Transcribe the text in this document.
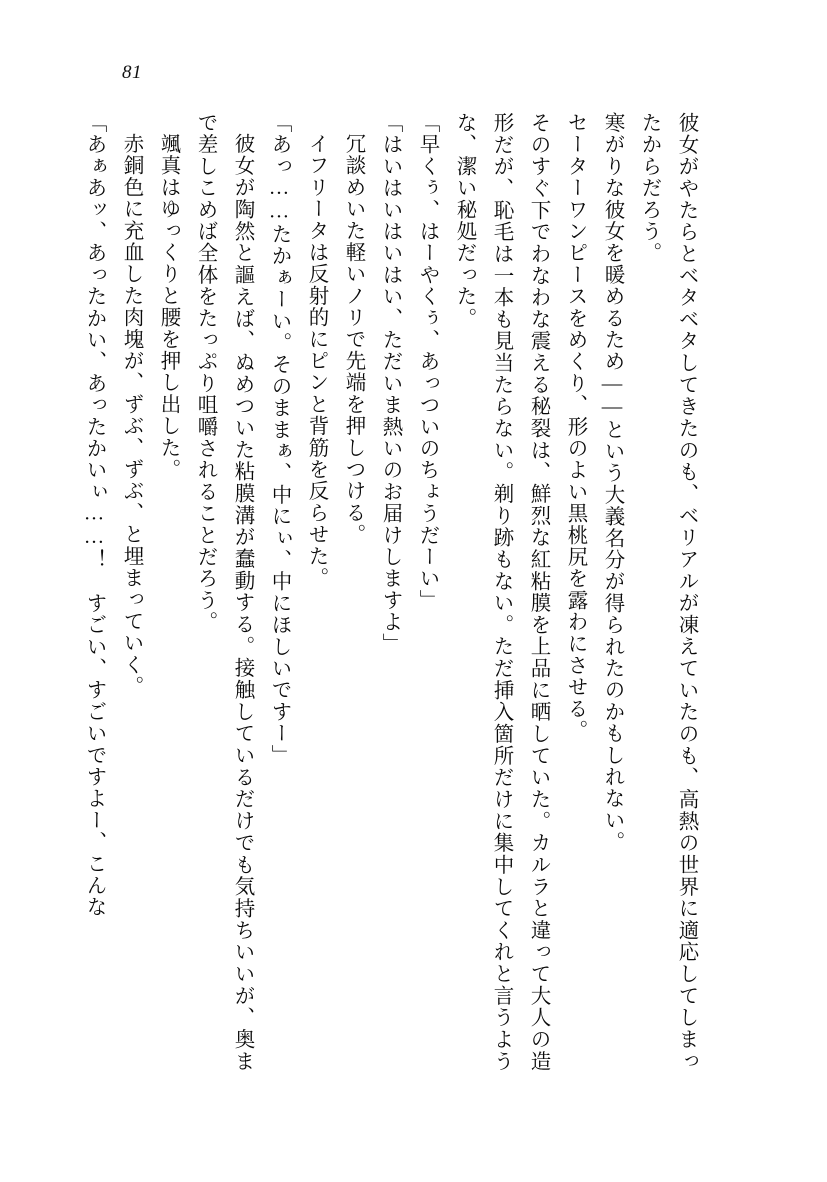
81

彼女がやたらとベタベタしてきたのも、ベリアルが凍えていたのも、高熱の世界に適応してしまったからだろう。

寒がりな彼女を暖めるため——という大義名分が得られたのかもしれない。

セーターワンピースをめくり、形のよい黒桃尻を露わにさせる。

そのすぐ下でわなわな震える秘裂は、鮮烈な紅粘膜を上品に晒していた。カルラと違って大人の造形だが、恥毛は一本も見当たらない。剃り跡もない。ただ挿入箇所だけに集中してくれと言うような、潔い秘処だった。

「早くぅ、はーやくぅ、あっついのちょうだーい」

「はいはいはいはい、ただいま熱いのお届けしますよ」

冗談めいた軽いノリで先端を押しつける。

イフリータは反射的にピンと背筋を反らせた。

「あっ……たかぁーい。そのままぁ、中にぃ、中にほしいですー」

彼女が陶然と謳えば、ぬめついた粘膜溝が蠢動する。接触しているだけでも気持ちいいが、奥まで差しこめば全体をたっぷり咀嚼されることだろう。

颯真はゆっくりと腰を押し出した。

赤銅色に充血した肉塊が、ずぶ、ずぶ、と埋まっていく。

「あぁあッ、あったかい、あったかいぃ……！　すごい、すごいですよー、こんな
